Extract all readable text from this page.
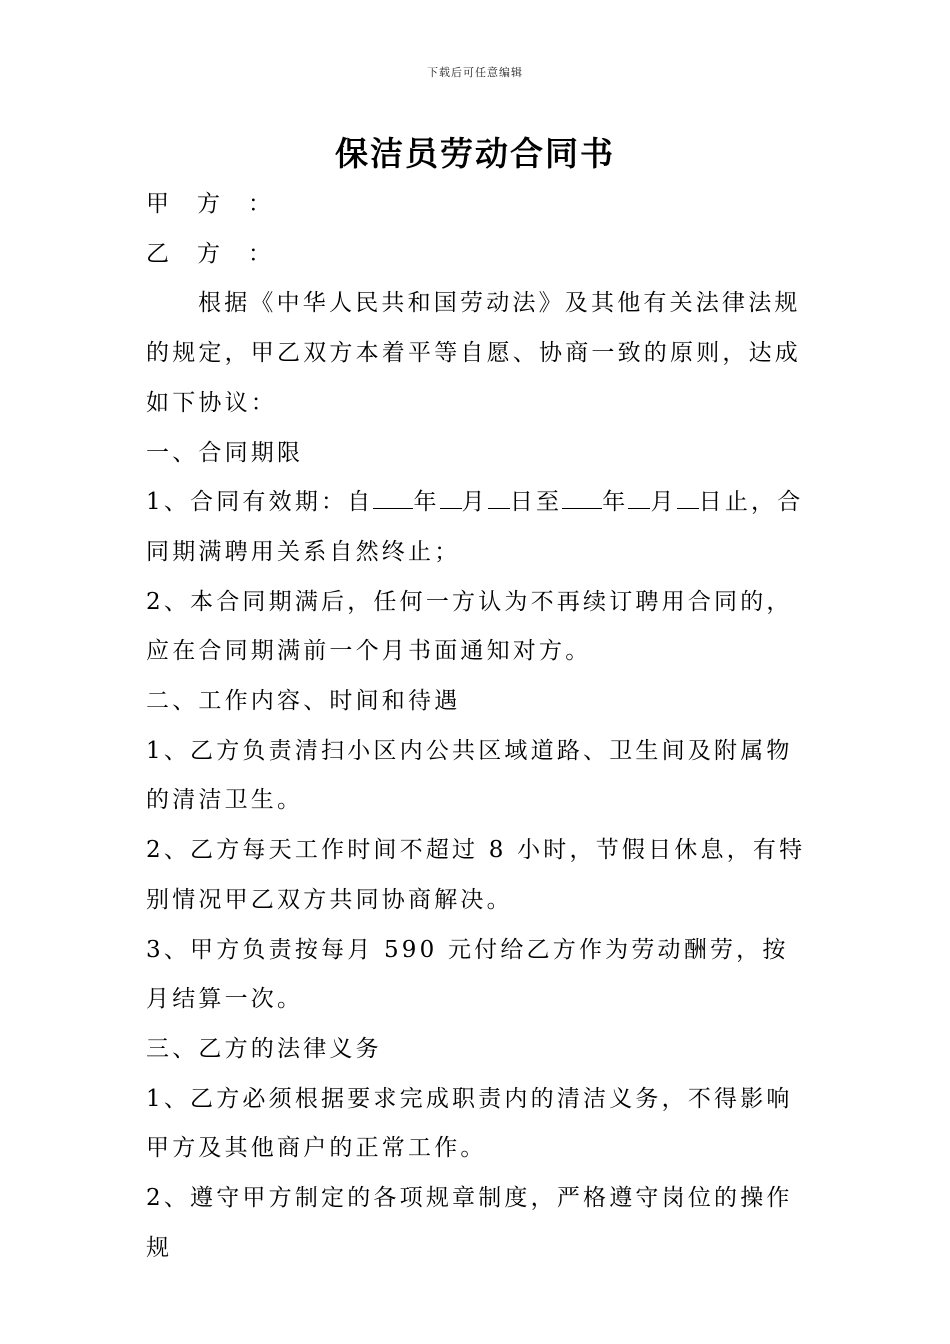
下载后可任意编辑
保洁员劳动合同书

甲方：

乙方：

根据《中华人民共和国劳动法》及其他有关法律法规的规定，甲乙双方本着平等自愿、协商一致的原则，达成如下协议：

一、合同期限

1、合同有效期：自 年 月 日至 年 月 日止，合同期满聘用关系自然终止；

2、本合同期满后，任何一方认为不再续订聘用合同的，应在合同期满前一个月书面通知对方。

二、工作内容、时间和待遇

1、乙方负责清扫小区内公共区域道路、卫生间及附属物的清洁卫生。

2、乙方每天工作时间不超过 8 小时，节假日休息，有特别情况甲乙双方共同协商解决。

3、甲方负责按每月 590 元付给乙方作为劳动酬劳，按月结算一次。

三、乙方的法律义务

1、乙方必须根据要求完成职责内的清洁义务，不得影响甲方及其他商户的正常工作。

2、遵守甲方制定的各项规章制度，严格遵守岗位的操作规
